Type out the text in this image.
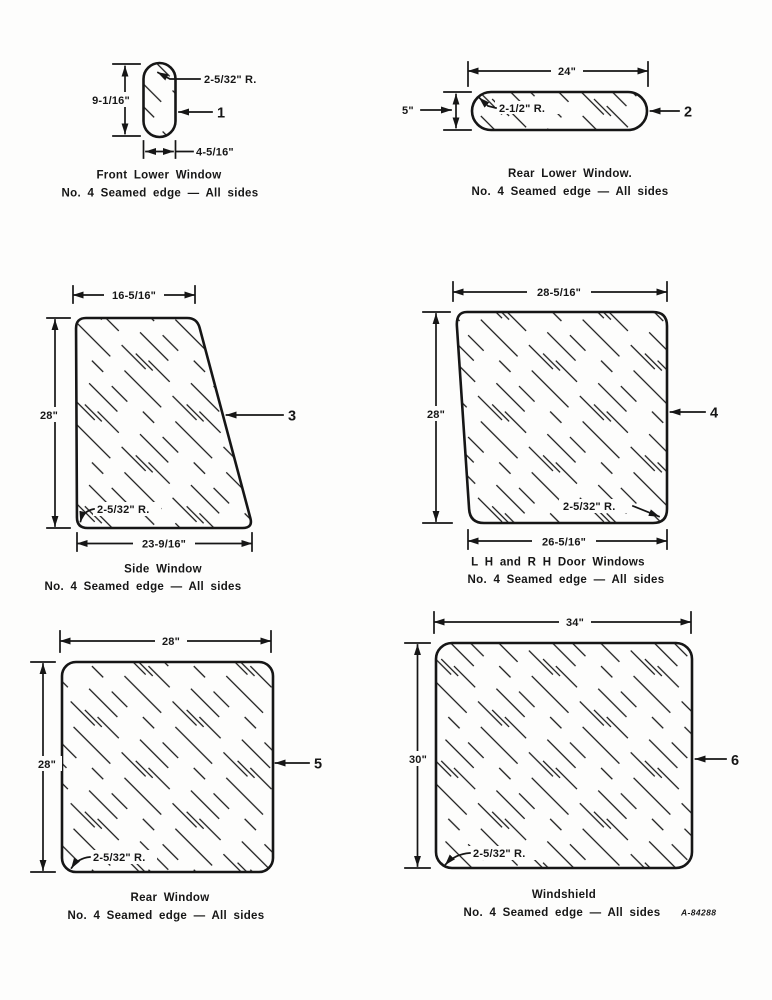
9-1/16"
4-5/16"
2-5/32" R.
1
Front Lower Window
No. 4 Seamed edge — All sides
24"
5"	2-1/2" R.	2
Rear Lower Window.
No. 4 Seamed edge — All sides
16-5/16"
28"
23-9/16"
2-5/32" R.
3
Side Window
No. 4 Seamed edge — All sides
28-5/16"
28"
26-5/16"
2-5/32" R.
4
L H and R H Door Windows
No. 4 Seamed edge — All sides
28"
28"
2-5/32" R.
5
Rear Window
No. 4 Seamed edge — All sides
34"
30"
2-5/32" R.
6
Windshield
No. 4 Seamed edge — All sides A-84288
